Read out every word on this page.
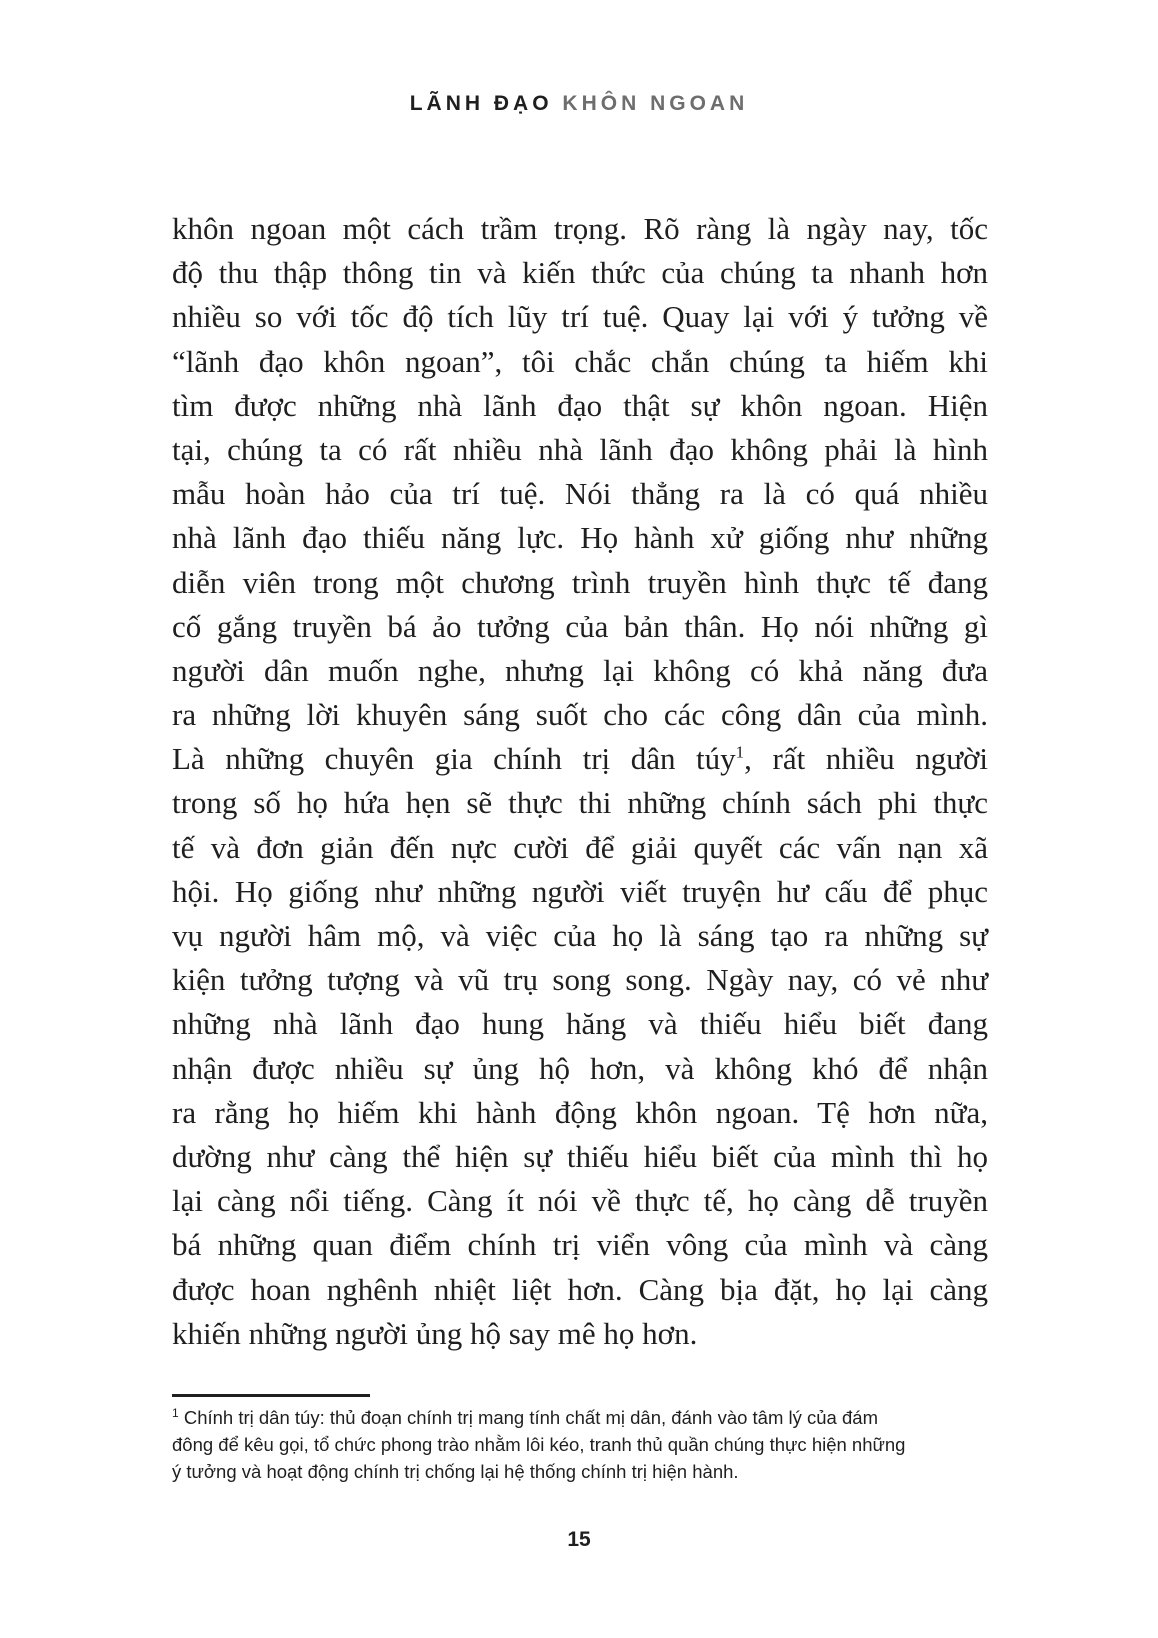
LÃNH ĐẠO KHÔN NGOAN
khôn ngoan một cách trầm trọng. Rõ ràng là ngày nay, tốc
độ thu thập thông tin và kiến thức của chúng ta nhanh hơn
nhiều so với tốc độ tích lũy trí tuệ. Quay lại với ý tưởng về
“lãnh đạo khôn ngoan”, tôi chắc chắn chúng ta hiếm khi
tìm được những nhà lãnh đạo thật sự khôn ngoan. Hiện
tại, chúng ta có rất nhiều nhà lãnh đạo không phải là hình
mẫu hoàn hảo của trí tuệ. Nói thẳng ra là có quá nhiều
nhà lãnh đạo thiếu năng lực. Họ hành xử giống như những
diễn viên trong một chương trình truyền hình thực tế đang
cố gắng truyền bá ảo tưởng của bản thân. Họ nói những gì
người dân muốn nghe, nhưng lại không có khả năng đưa
ra những lời khuyên sáng suốt cho các công dân của mình.
Là những chuyên gia chính trị dân túy$^1$, rất nhiều người
trong số họ hứa hẹn sẽ thực thi những chính sách phi thực
tế và đơn giản đến nực cười để giải quyết các vấn nạn xã
hội. Họ giống như những người viết truyện hư cấu để phục
vụ người hâm mộ, và việc của họ là sáng tạo ra những sự
kiện tưởng tượng và vũ trụ song song. Ngày nay, có vẻ như
những nhà lãnh đạo hung hăng và thiếu hiểu biết đang
nhận được nhiều sự ủng hộ hơn, và không khó để nhận
ra rằng họ hiếm khi hành động khôn ngoan. Tệ hơn nữa,
dường như càng thể hiện sự thiếu hiểu biết của mình thì họ
lại càng nổi tiếng. Càng ít nói về thực tế, họ càng dễ truyền
bá những quan điểm chính trị viển vông của mình và càng
được hoan nghênh nhiệt liệt hơn. Càng bịa đặt, họ lại càng
khiến những người ủng hộ say mê họ hơn.
$^1$ Chính trị dân túy: thủ đoạn chính trị mang tính chất mị dân, đánh vào tâm lý của đám
đông để kêu gọi, tổ chức phong trào nhằm lôi kéo, tranh thủ quần chúng thực hiện những
ý tưởng và hoạt động chính trị chống lại hệ thống chính trị hiện hành.
15
